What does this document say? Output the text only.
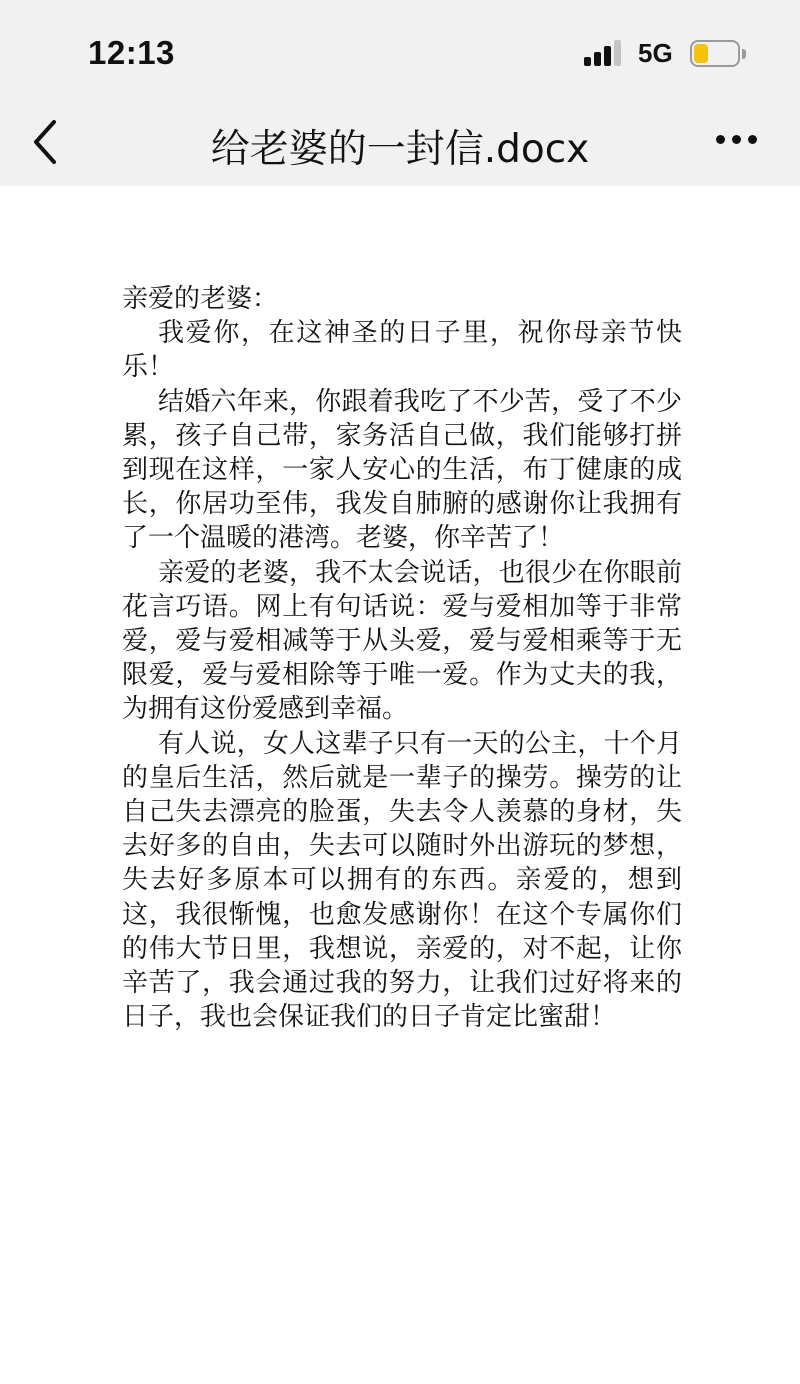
12:13	5G
给老婆的一封信.docx

亲爱的老婆：

我爱你，在这神圣的日子里，祝你母亲节快乐！

结婚六年来，你跟着我吃了不少苦，受了不少累，孩子自己带，家务活自己做，我们能够打拼到现在这样，一家人安心的生活，布丁健康的成长，你居功至伟，我发自肺腑的感谢你让我拥有了一个温暖的港湾。老婆，你辛苦了！

亲爱的老婆，我不太会说话，也很少在你眼前花言巧语。网上有句话说：爱与爱相加等于非常爱，爱与爱相减等于从头爱，爱与爱相乘等于无限爱，爱与爱相除等于唯一爱。作为丈夫的我，为拥有这份爱感到幸福。

有人说，女人这辈子只有一天的公主，十个月的皇后生活，然后就是一辈子的操劳。操劳的让自己失去漂亮的脸蛋，失去令人羡慕的身材，失去好多的自由，失去可以随时外出游玩的梦想，失去好多原本可以拥有的东西。亲爱的，想到这，我很惭愧，也愈发感谢你！在这个专属你们的伟大节日里，我想说，亲爱的，对不起，让你辛苦了，我会通过我的努力，让我们过好将来的日子，我也会保证我们的日子肯定比蜜甜！
